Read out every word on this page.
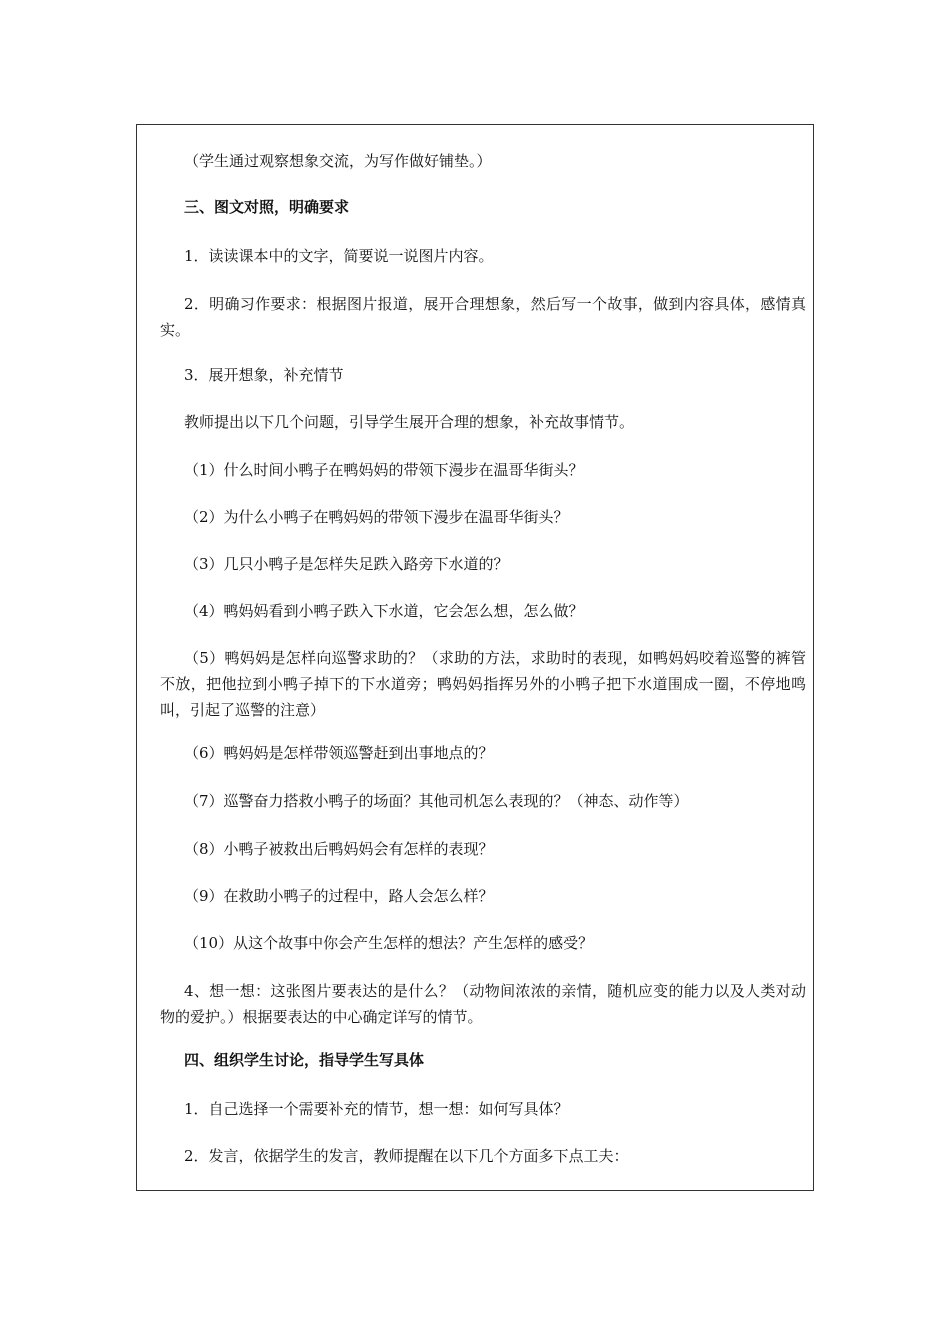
（学生通过观察想象交流，为写作做好铺垫。）
三、图文对照，明确要求
1．读读课本中的文字，简要说一说图片内容。
2．明确习作要求：根据图片报道，展开合理想象，然后写一个故事，做到内容具体，感情真实。
3．展开想象，补充情节
教师提出以下几个问题，引导学生展开合理的想象，补充故事情节。
（1）什么时间小鸭子在鸭妈妈的带领下漫步在温哥华街头？
（2）为什么小鸭子在鸭妈妈的带领下漫步在温哥华街头？
（3）几只小鸭子是怎样失足跌入路旁下水道的？
（4）鸭妈妈看到小鸭子跌入下水道，它会怎么想，怎么做？
（5）鸭妈妈是怎样向巡警求助的？（求助的方法，求助时的表现，如鸭妈妈咬着巡警的裤管不放，把他拉到小鸭子掉下的下水道旁；鸭妈妈指挥另外的小鸭子把下水道围成一圈，不停地鸣叫，引起了巡警的注意）
（6）鸭妈妈是怎样带领巡警赶到出事地点的？
（7）巡警奋力搭救小鸭子的场面？其他司机怎么表现的？（神态、动作等）
（8）小鸭子被救出后鸭妈妈会有怎样的表现？
（9）在救助小鸭子的过程中，路人会怎么样？
（10）从这个故事中你会产生怎样的想法？产生怎样的感受？
4、想一想：这张图片要表达的是什么？（动物间浓浓的亲情，随机应变的能力以及人类对动物的爱护。）根据要表达的中心确定详写的情节。
四、组织学生讨论，指导学生写具体
1．自己选择一个需要补充的情节，想一想：如何写具体？
2．发言，依据学生的发言，教师提醒在以下几个方面多下点工夫：
